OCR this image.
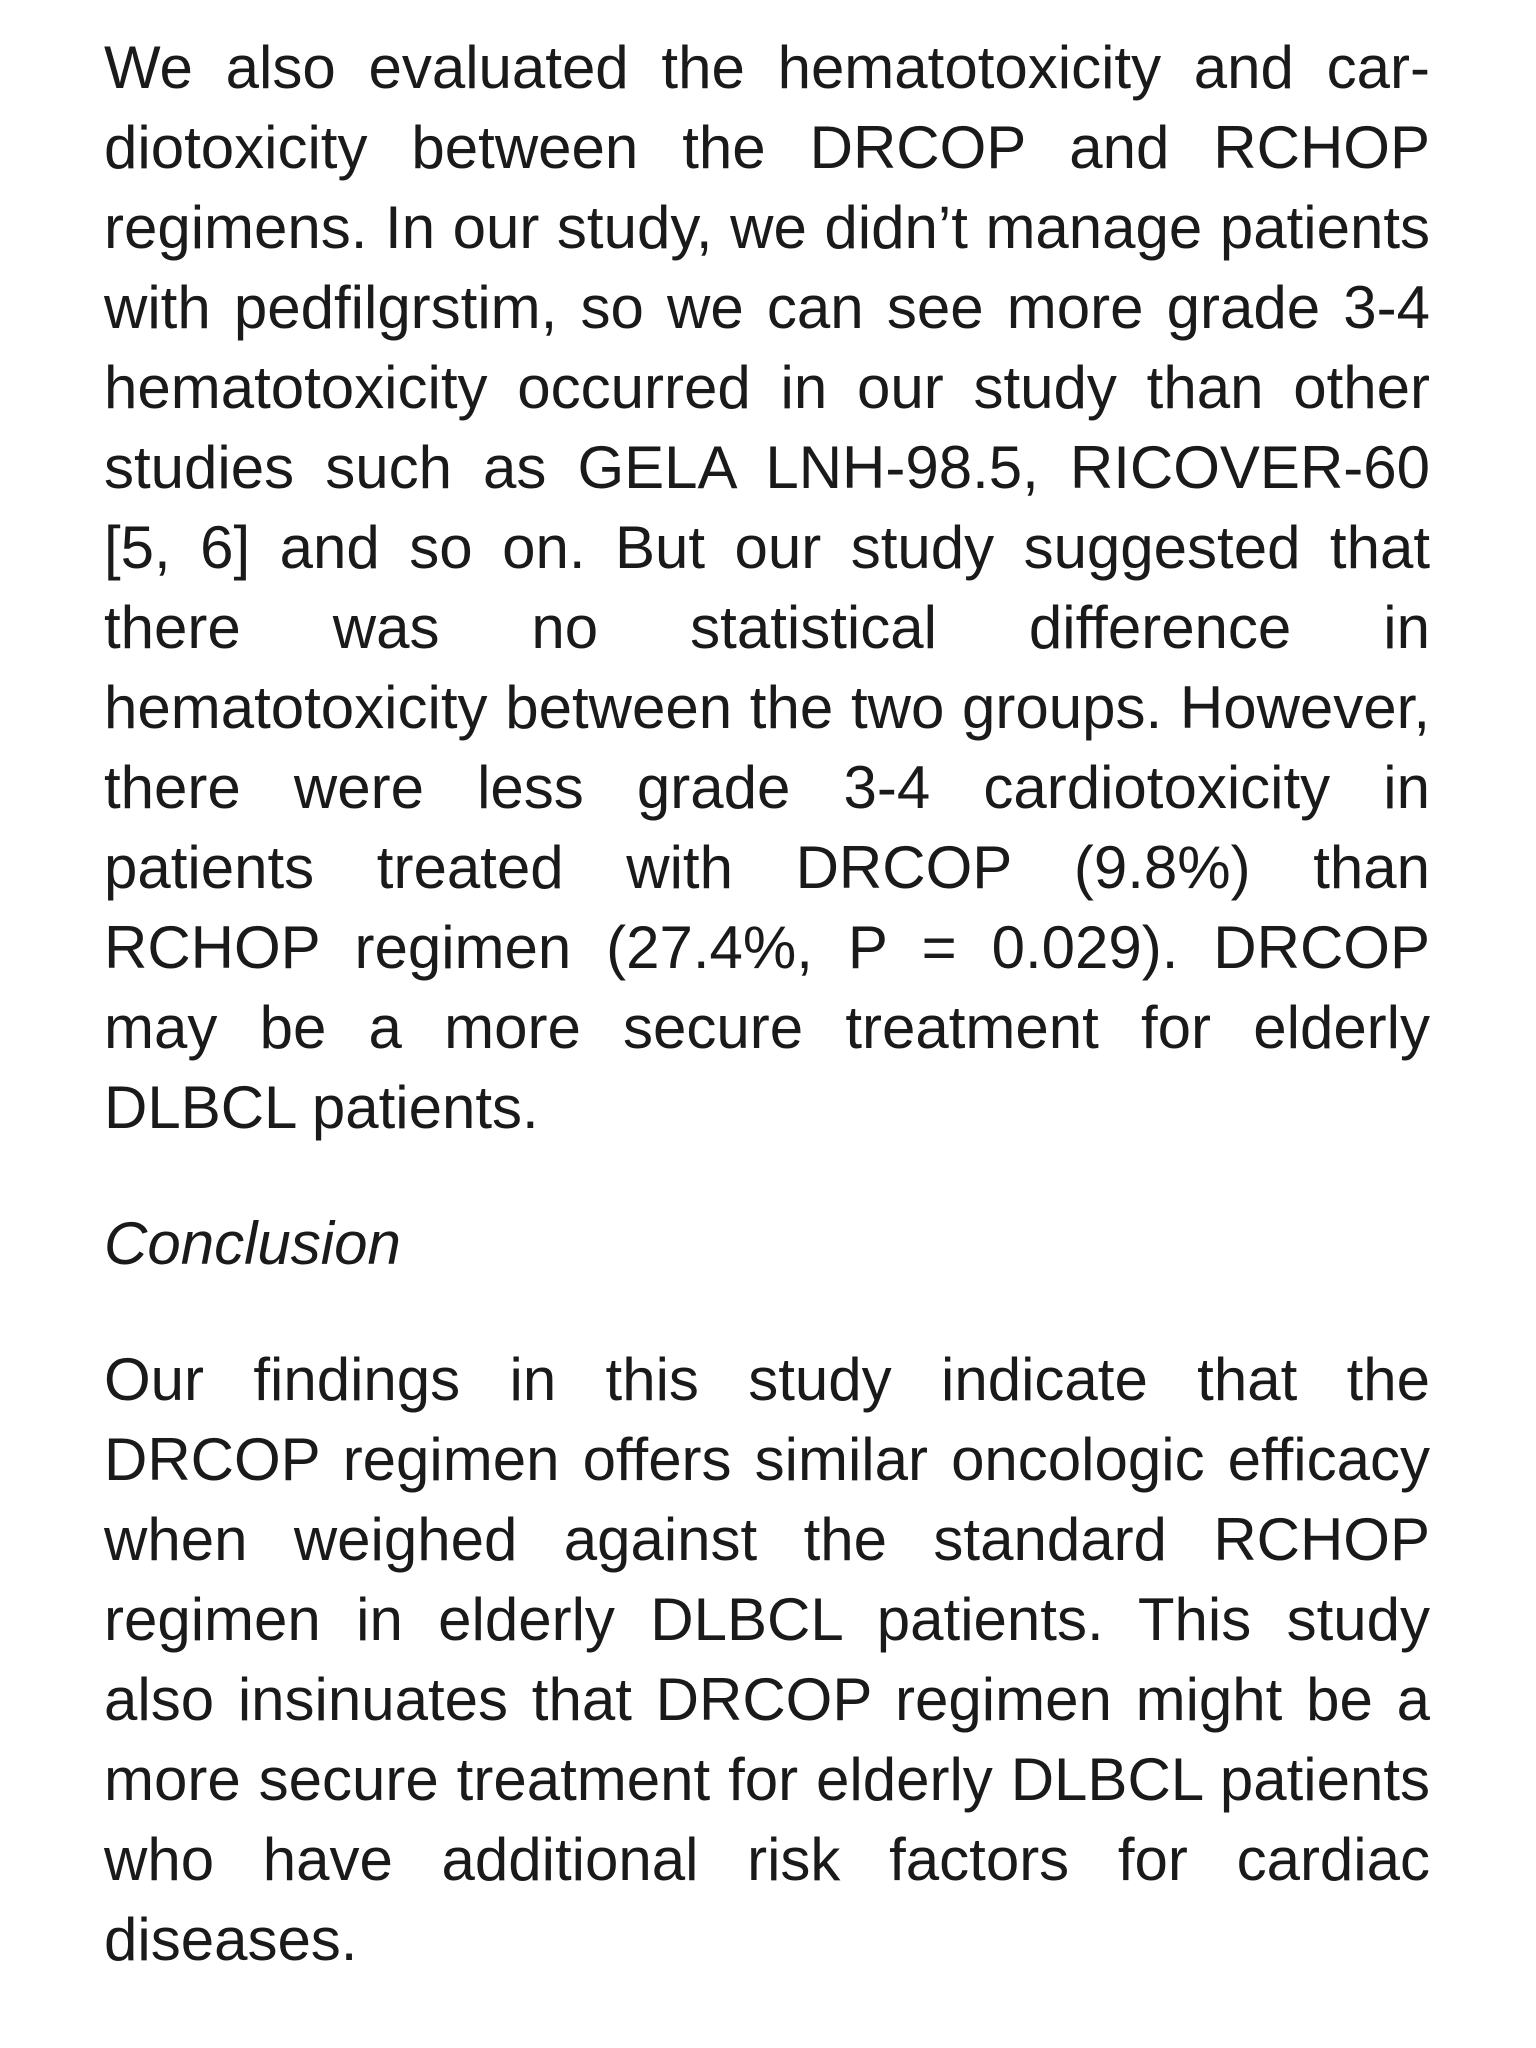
We also evaluated the hematotoxicity and cardiotoxicity between the DRCOP and RCHOP regimens. In our study, we didn’t manage patients with pedfilgrstim, so we can see more grade 3-4 hematotoxicity occurred in our study than other studies such as GELA LNH-98.5, RICOVER-60 [5, 6] and so on. But our study suggested that there was no statistical difference in hematotoxicity between the two groups. However, there were less grade 3-4 cardiotoxicity in patients treated with DRCOP (9.8%) than RCHOP regimen (27.4%, P = 0.029). DRCOP may be a more secure treatment for elderly DLBCL patients.

Conclusion

Our findings in this study indicate that the DRCOP regimen offers similar oncologic efficacy when weighed against the standard RCHOP regimen in elderly DLBCL patients. This study also insinuates that DRCOP regimen might be a more secure treatment for elderly DLBCL patients who have additional risk factors for cardiac diseases.
